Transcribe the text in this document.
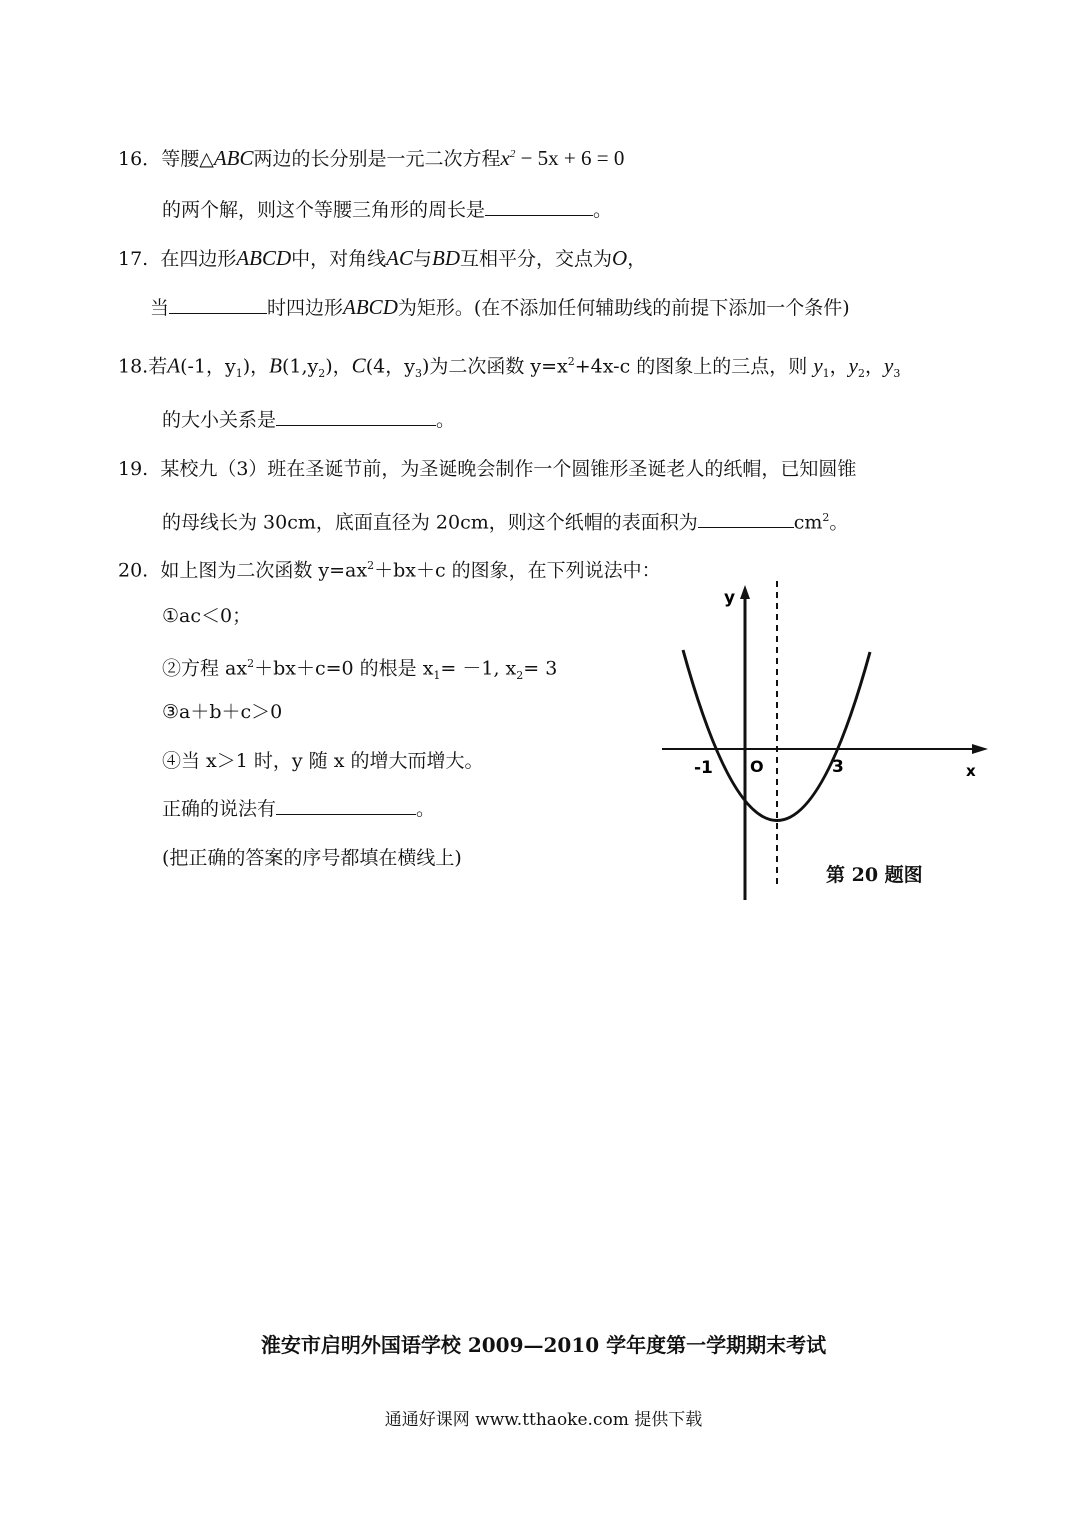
16．等腰△ABC两边的长分别是一元二次方程$x^2 - 5x + 6 = 0$
的两个解，则这个等腰三角形的周长是	。
17. 在四边形ABCD中，对角线AC与BD互相平分，交点为O，
当	时四边形ABCD为矩形。(在不添加任何辅助线的前提下添加一个条件)
18.若A(-1，$y_1$)，$B(1,y_2)$，C(4，$y_3$)为二次函数 $y=x^2+4x-c$ 的图象上的三点，则 $y_1$，$y_2$，$y_3$
的大小关系是	。
19. 某校九（3）班在圣诞节前，为圣诞晚会制作一个圆锥形圣诞老人的纸帽，已知圆锥
的母线长为 30cm，底面直径为 20cm，则这个纸帽的表面积为	$cm^2$。
20. 如上图为二次函数 $y=ax^2+bx+c$ 的图象，在下列说法中：
①ac＜0；
②方程 $ax^2+bx+c=0$ 的根是 $x_1= -1$, $x_2= 3$
③a＋b＋c＞0
④当 x＞1 时，y 随 x 的增大而增大。
正确的说法有	。
(把正确的答案的序号都填在横线上)
y
x
-1 O	3
第 20 题图
淮安市启明外国语学校 2009—2010 学年度第一学期期末考试
通通好课网 www.tthaoke.com 提供下载
